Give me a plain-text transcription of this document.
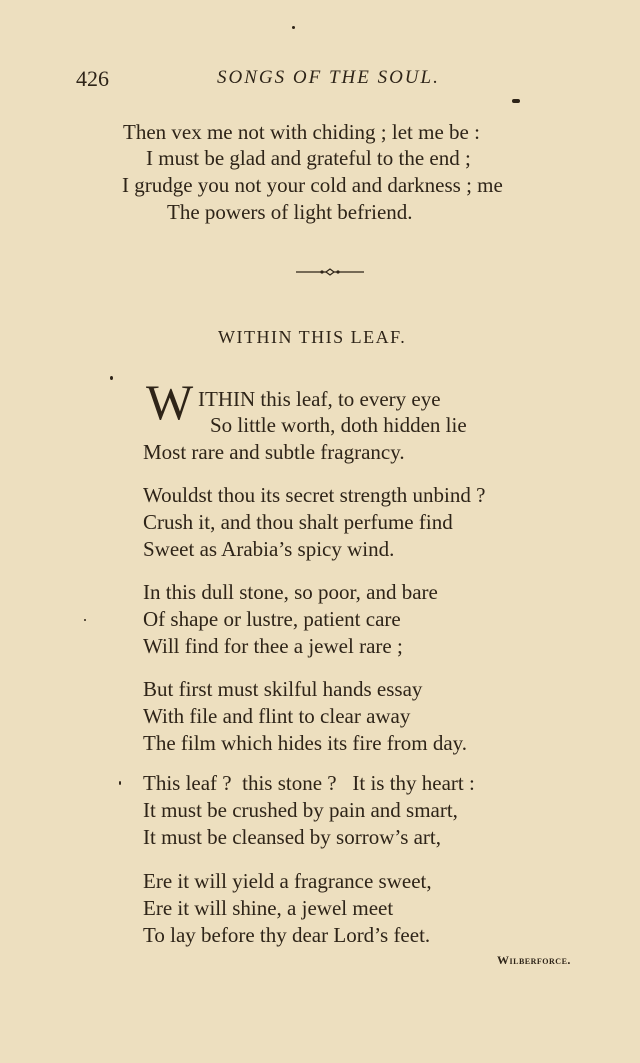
426	SONGS OF THE SOUL.
Then vex me not with chiding ; let me be :
I must be glad and grateful to the end ;
I grudge you not your cold and darkness ; me
The powers of light befriend.
WITHIN THIS LEAF.
W ITHIN this leaf, to every eye
So little worth, doth hidden lie
Most rare and subtle fragrancy.
Wouldst thou its secret strength unbind ?
Crush it, and thou shalt perfume find
Sweet as Arabia’s spicy wind.
In this dull stone, so poor, and bare
Of shape or lustre, patient care
Will find for thee a jewel rare ;
But first must skilful hands essay
With file and flint to clear away
The film which hides its fire from day.
This leaf ?  this stone ?   It is thy heart :
It must be crushed by pain and smart,
It must be cleansed by sorrow’s art,
Ere it will yield a fragrance sweet,
Ere it will shine, a jewel meet
To lay before thy dear Lord’s feet.
Wilberforce.
